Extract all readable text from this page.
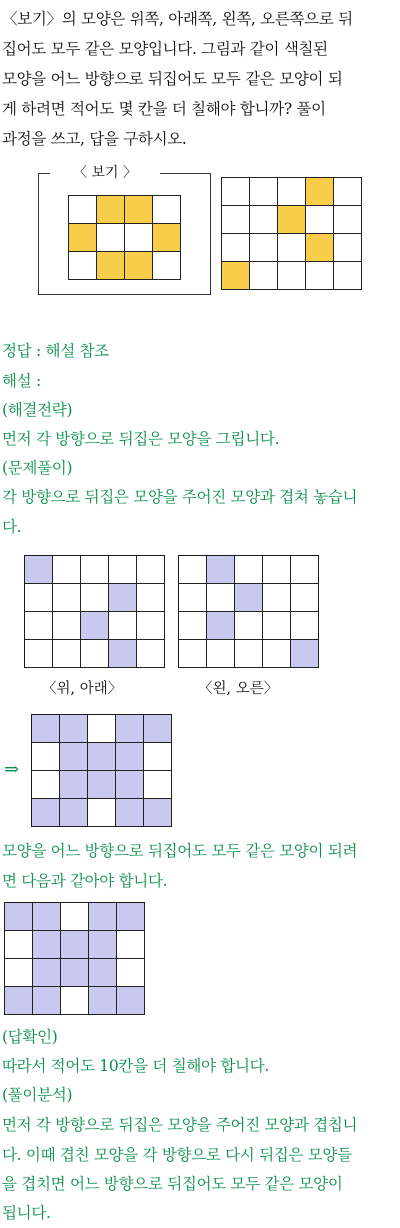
〈보기〉의 모양은 위쪽, 아래쪽, 왼쪽, 오른쪽으로 뒤

집어도 모두 같은 모양입니다. 그림과 같이 색칠된

모양을 어느 방향으로 뒤집어도 모두 같은 모양이 되

게 하려면 적어도 몇 칸을 더 칠해야 합니까? 풀이

과정을 쓰고, 답을 구하시오.

〈 보기 〉

정답 : 해설 참조

해설 :

(해결전략)

먼저 각 방향으로 뒤집은 모양을 그립니다.

(문제풀이)

각 방향으로 뒤집은 모양을 주어진 모양과 겹쳐 놓습니

다.

〈위, 아래〉	〈왼, 오른〉
⇒

모양을 어느 방향으로 뒤집어도 모두 같은 모양이 되려

면 다음과 같아야 합니다.

(답확인)

따라서 적어도 10칸을 더 칠해야 합니다.

(풀이분석)

먼저 각 방향으로 뒤집은 모양을 주어진 모양과 겹칩니

다. 이때 겹친 모양을 각 방향으로 다시 뒤집은 모양들

을 겹치면 어느 방향으로 뒤집어도 모두 같은 모양이

됩니다.
